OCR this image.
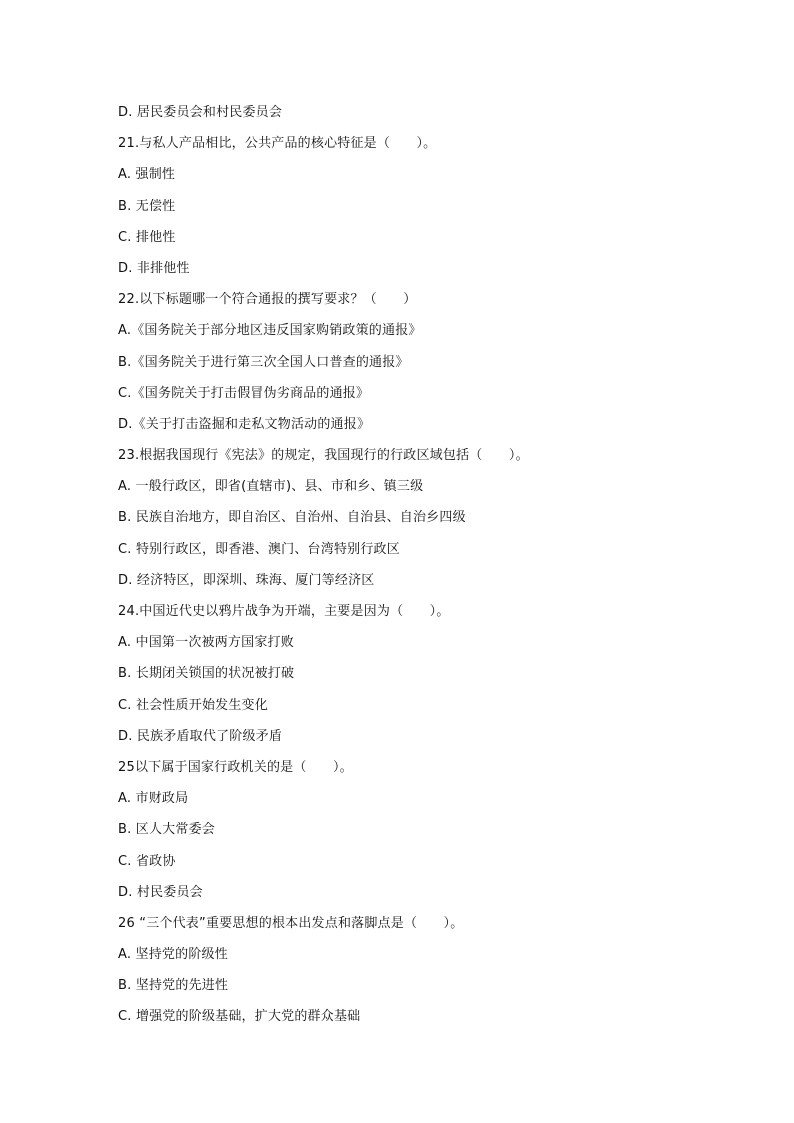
D. 居民委员会和村民委员会
21.与私人产品相比，公共产品的核心特征是（　　）。
A. 强制性
B. 无偿性
C. 排他性
D. 非排他性
22.以下标题哪一个符合通报的撰写要求？（　　）
A.《国务院关于部分地区违反国家购销政策的通报》
B.《国务院关于进行第三次全国人口普查的通报》
C.《国务院关于打击假冒伪劣商品的通报》
D.《关于打击盗掘和走私文物活动的通报》
23.根据我国现行《宪法》的规定，我国现行的行政区域包括（　　）。
A. 一般行政区，即省(直辖市)、县、市和乡、镇三级
B. 民族自治地方，即自治区、自治州、自治县、自治乡四级
C. 特别行政区，即香港、澳门、台湾特别行政区
D. 经济特区，即深圳、珠海、厦门等经济区
24.中国近代史以鸦片战争为开端，主要是因为（　　）。
A. 中国第一次被两方国家打败
B. 长期闭关锁国的状况被打破
C. 社会性质开始发生变化
D. 民族矛盾取代了阶级矛盾
25以下属于国家行政机关的是（　　）。
A. 市财政局
B. 区人大常委会
C. 省政协
D. 村民委员会
26 “三个代表”重要思想的根本出发点和落脚点是（　　）。
A. 坚持党的阶级性
B. 坚持党的先进性
C. 增强党的阶级基础，扩大党的群众基础
